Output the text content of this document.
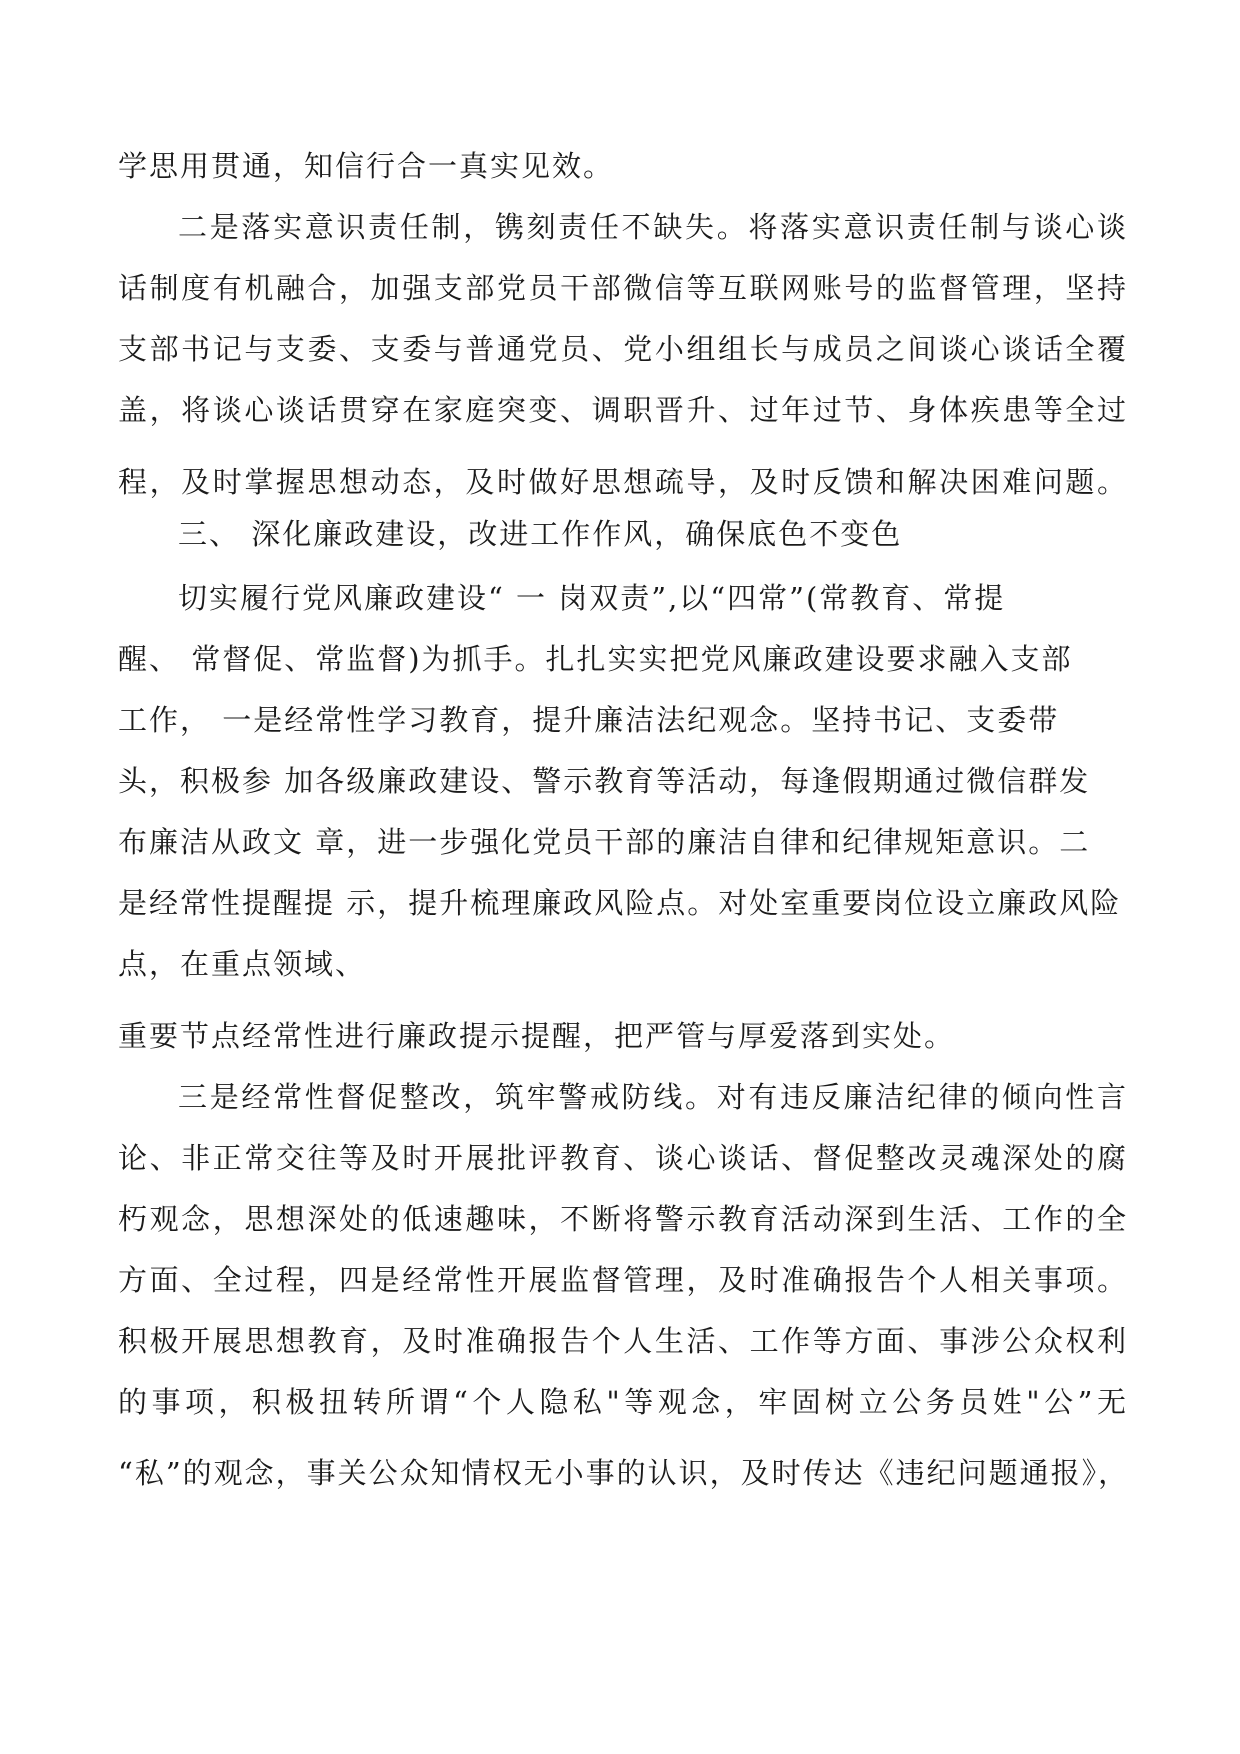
学思用贯通，知信行合一真实见效。

二是落实意识责任制，镌刻责任不缺失。将落实意识责任制与谈心谈

话制度有机融合，加强支部党员干部微信等互联网账号的监督管理，坚持

支部书记与支委、支委与普通党员、党小组组长与成员之间谈心谈话全覆

盖，将谈心谈话贯穿在家庭突变、调职晋升、过年过节、身体疾患等全过

程，及时掌握思想动态，及时做好思想疏导，及时反馈和解决困难问题。

三、 深化廉政建设，改进工作作风，确保底色不变色

切实履行党风廉政建设“ 一 岗双责”,以“四常”(常教育、常提

醒、 常督促、常监督)为抓手。扎扎实实把党风廉政建设要求融入支部

工作， 一是经常性学习教育，提升廉洁法纪观念。坚持书记、支委带

头，积极参 加各级廉政建设、警示教育等活动，每逢假期通过微信群发

布廉洁从政文 章，进一步强化党员干部的廉洁自律和纪律规矩意识。二

是经常性提醒提 示，提升梳理廉政风险点。对处室重要岗位设立廉政风险

点，在重点领域、

重要节点经常性进行廉政提示提醒，把严管与厚爱落到实处。

三是经常性督促整改，筑牢警戒防线。对有违反廉洁纪律的倾向性言

论、非正常交往等及时开展批评教育、谈心谈话、督促整改灵魂深处的腐

朽观念，思想深处的低速趣味，不断将警示教育活动深到生活、工作的全

方面、全过程，四是经常性开展监督管理，及时准确报告个人相关事项。

积极开展思想教育，及时准确报告个人生活、工作等方面、事涉公众权利

的事项，积极扭转所谓“个人隐私"等观念，牢固树立公务员姓"公”无

“私”的观念，事关公众知情权无小事的认识，及时传达《违纪问题通报》，
